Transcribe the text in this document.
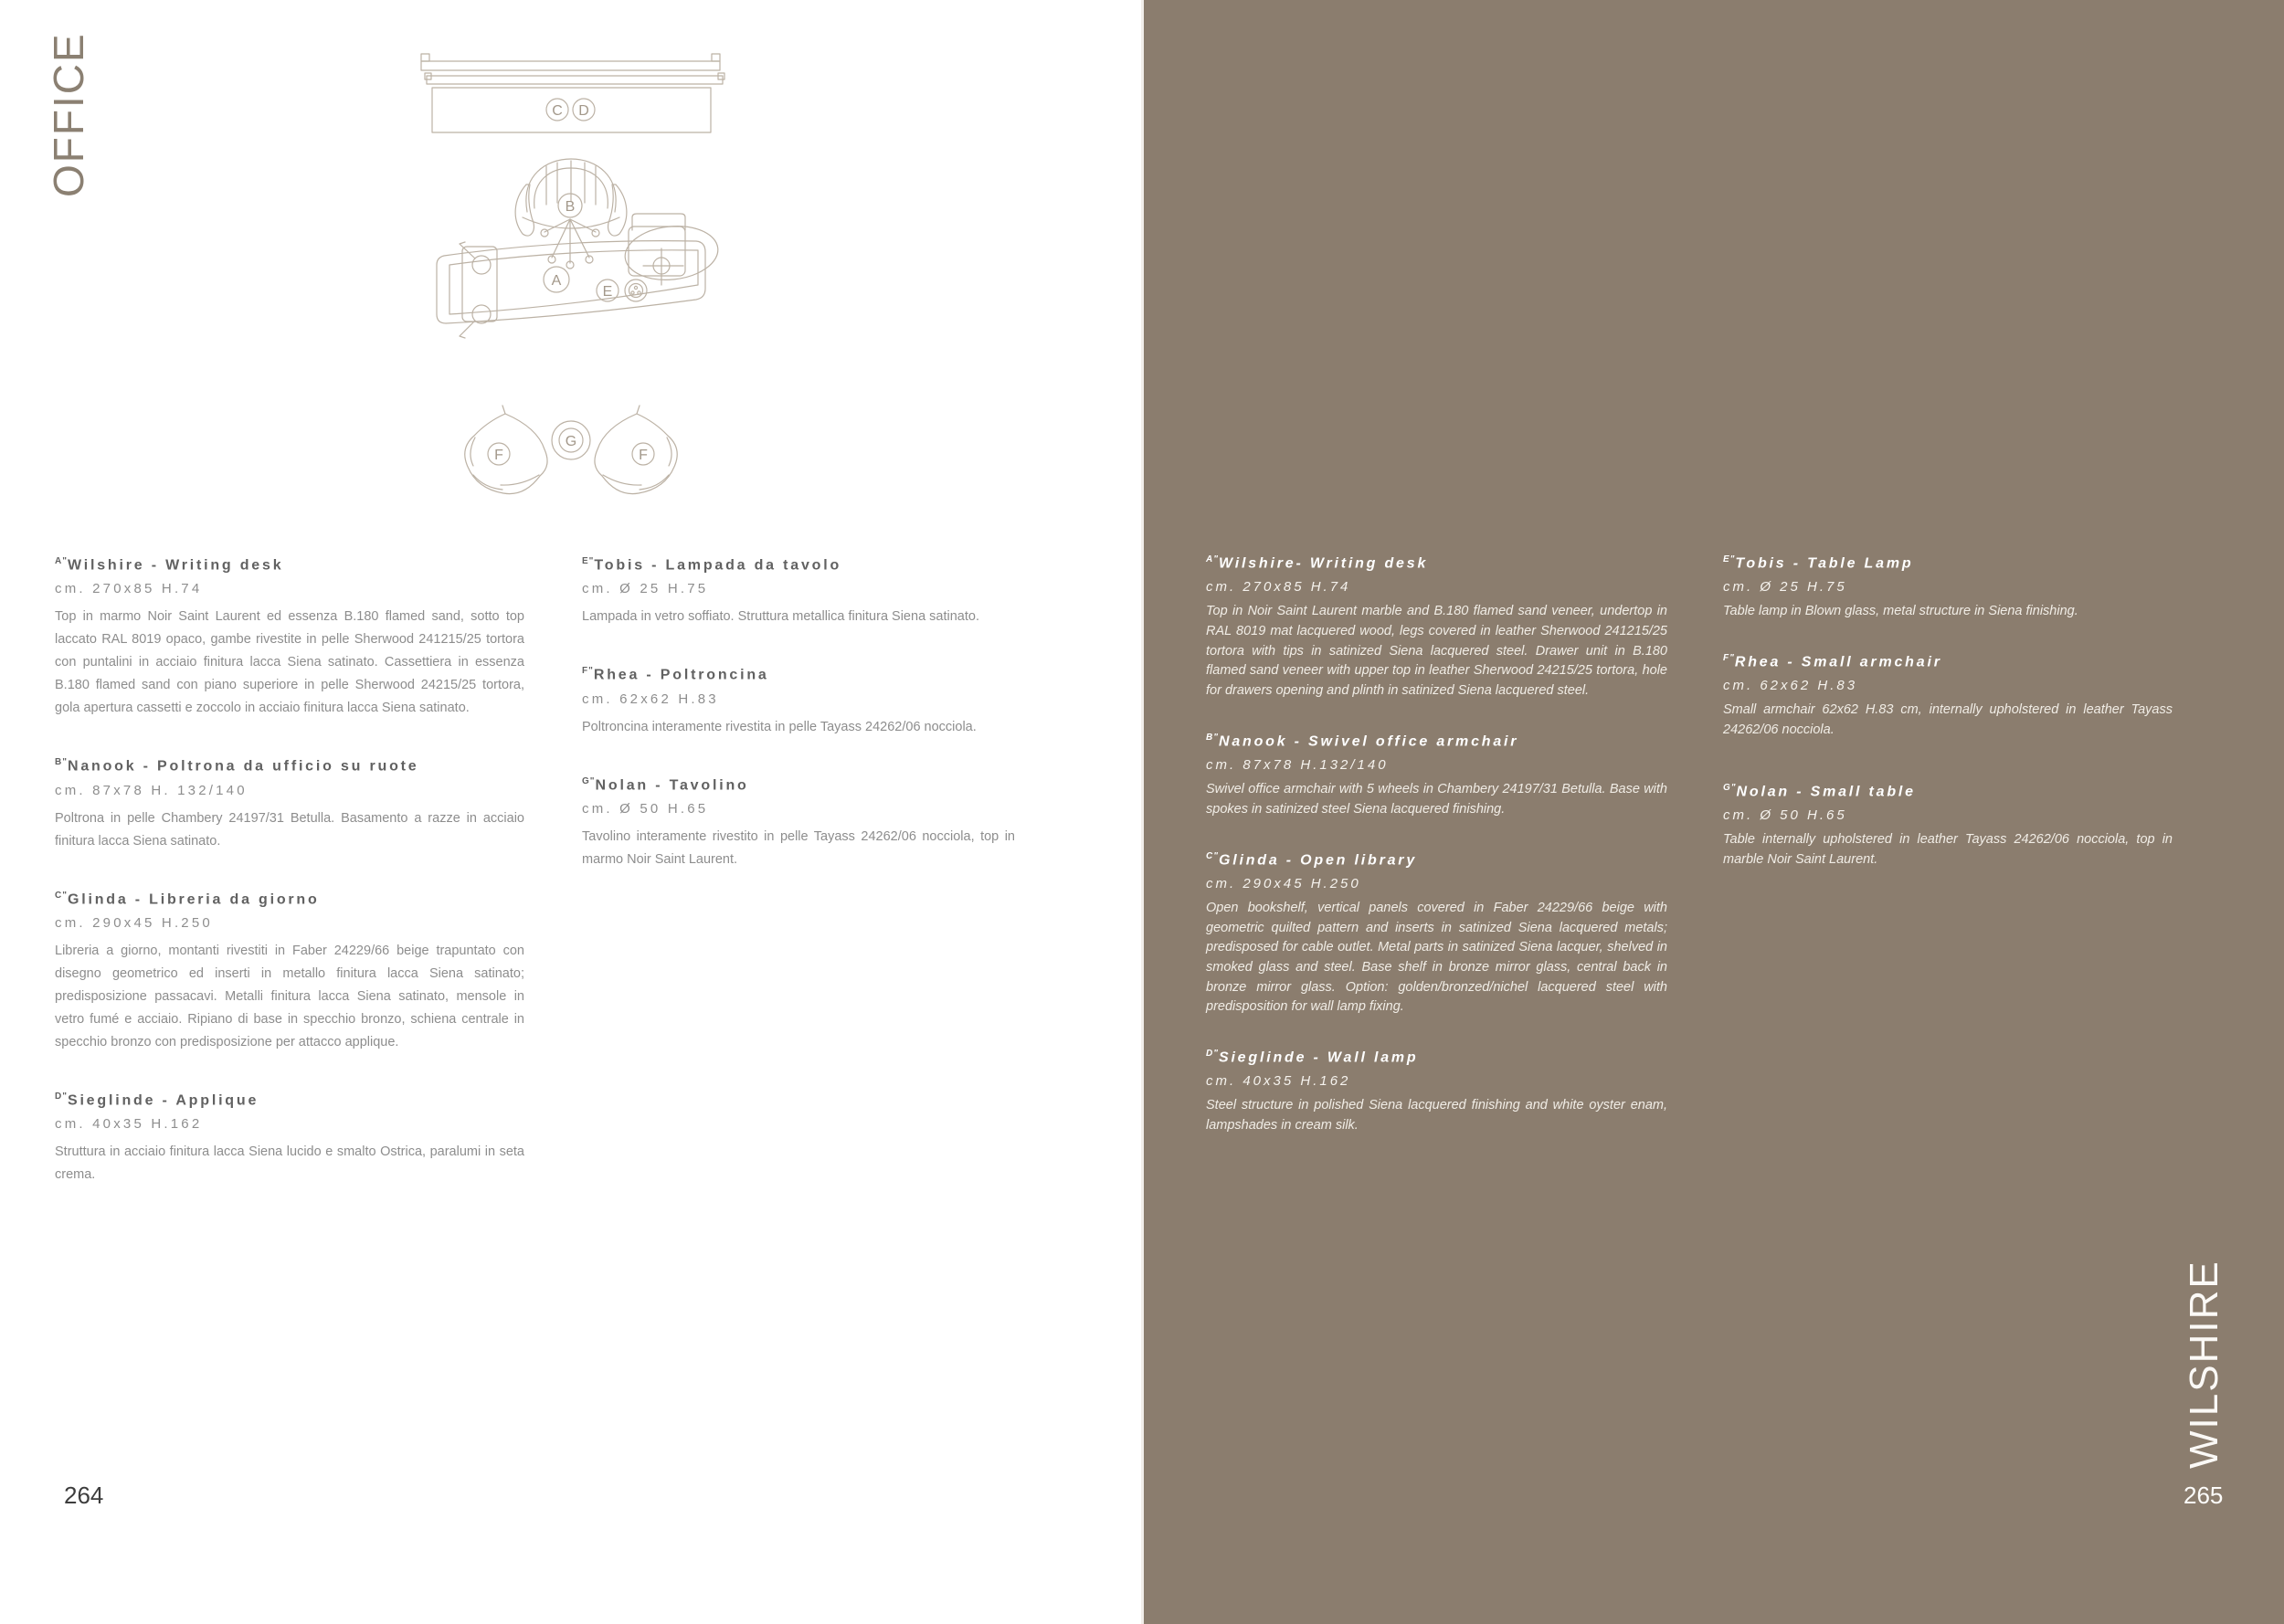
OFFICE	C D
B
A
E
F
G
F
$^{A"}$Wilshire - Writing desk
cm. 270x85 H.74
Top in marmo Noir Saint Laurent ed essenza B.180 flamed sand, sotto top laccato RAL 8019 opaco, gambe rivestite in pelle Sherwood 241215/25 tortora con puntalini in acciaio finitura lacca Siena satinato. Cassettiera in essenza B.180 flamed sand con piano superiore in pelle Sherwood 24215/25 tortora, gola apertura cassetti e zoccolo in acciaio finitura lacca Siena satinato.
$^{B"}$Nanook - Poltrona da ufficio su ruote
cm. 87x78 H. 132/140
Poltrona in pelle Chambery 24197/31 Betulla. Basamento a razze in acciaio finitura lacca Siena satinato.
$^{C"}$Glinda - Libreria da giorno
cm. 290x45 H.250
Libreria a giorno, montanti rivestiti in Faber 24229/66 beige trapuntato con disegno geometrico ed inserti in metallo finitura lacca Siena satinato; predisposizione passacavi. Metalli finitura lacca Siena satinato, mensole in vetro fumé e acciaio. Ripiano di base in specchio bronzo, schiena centrale in specchio bronzo con predisposizione per attacco applique.
$^{D"}$Sieglinde - Applique
cm. 40x35 H.162
Struttura in acciaio finitura lacca Siena lucido e smalto Ostrica, paralumi in seta crema.
$^{E"}$Tobis - Lampada da tavolo
cm. Ø 25 H.75
Lampada in vetro soffiato. Struttura metallica finitura Siena satinato.
$^{F"}$Rhea - Poltroncina
cm. 62x62 H.83
Poltroncina interamente rivestita in pelle Tayass 24262/06 nocciola.
$^{G"}$Nolan - Tavolino
cm. Ø 50 H.65
Tavolino interamente rivestito in pelle Tayass 24262/06 nocciola, top in marmo Noir Saint Laurent.
$^{A"}$Wilshire- Writing desk
cm. 270x85 H.74
Top in Noir Saint Laurent marble and B.180 flamed sand veneer, undertop in RAL 8019 mat lacquered wood, legs covered in leather Sherwood 241215/25 tortora with tips in satinized Siena lacquered steel. Drawer unit in B.180 flamed sand veneer with upper top in leather Sherwood 24215/25 tortora, hole for drawers opening and plinth in satinized Siena lacquered steel.
$^{B"}$Nanook - Swivel office armchair
cm. 87x78 H.132/140
Swivel office armchair with 5 wheels in Chambery 24197/31 Betulla. Base with spokes in satinized steel Siena lacquered finishing.
$^{C"}$Glinda - Open library
cm. 290x45 H.250
Open bookshelf, vertical panels covered in Faber 24229/66 beige with geometric quilted pattern and inserts in satinized Siena lacquered metals; predisposed for cable outlet. Metal parts in satinized Siena lacquer, shelved in smoked glass and steel. Base shelf in bronze mirror glass, central back in bronze mirror glass. Option: golden/bronzed/nichel lacquered steel with predisposition for wall lamp fixing.
$^{D"}$Sieglinde - Wall lamp
cm. 40x35 H.162
Steel structure in polished Siena lacquered finishing and white oyster enam, lampshades in cream silk.
$^{E"}$Tobis - Table Lamp
cm. Ø 25 H.75
Table lamp in Blown glass, metal structure in Siena finishing.
$^{F"}$Rhea - Small armchair
cm. 62x62 H.83
Small armchair 62x62 H.83 cm, internally upholstered in leather Tayass 24262/06 nocciola.
$^{G"}$Nolan - Small table
cm. Ø 50 H.65
Table internally upholstered in leather Tayass 24262/06 nocciola, top in marble Noir Saint Laurent.
WILSHIRE
264	265
